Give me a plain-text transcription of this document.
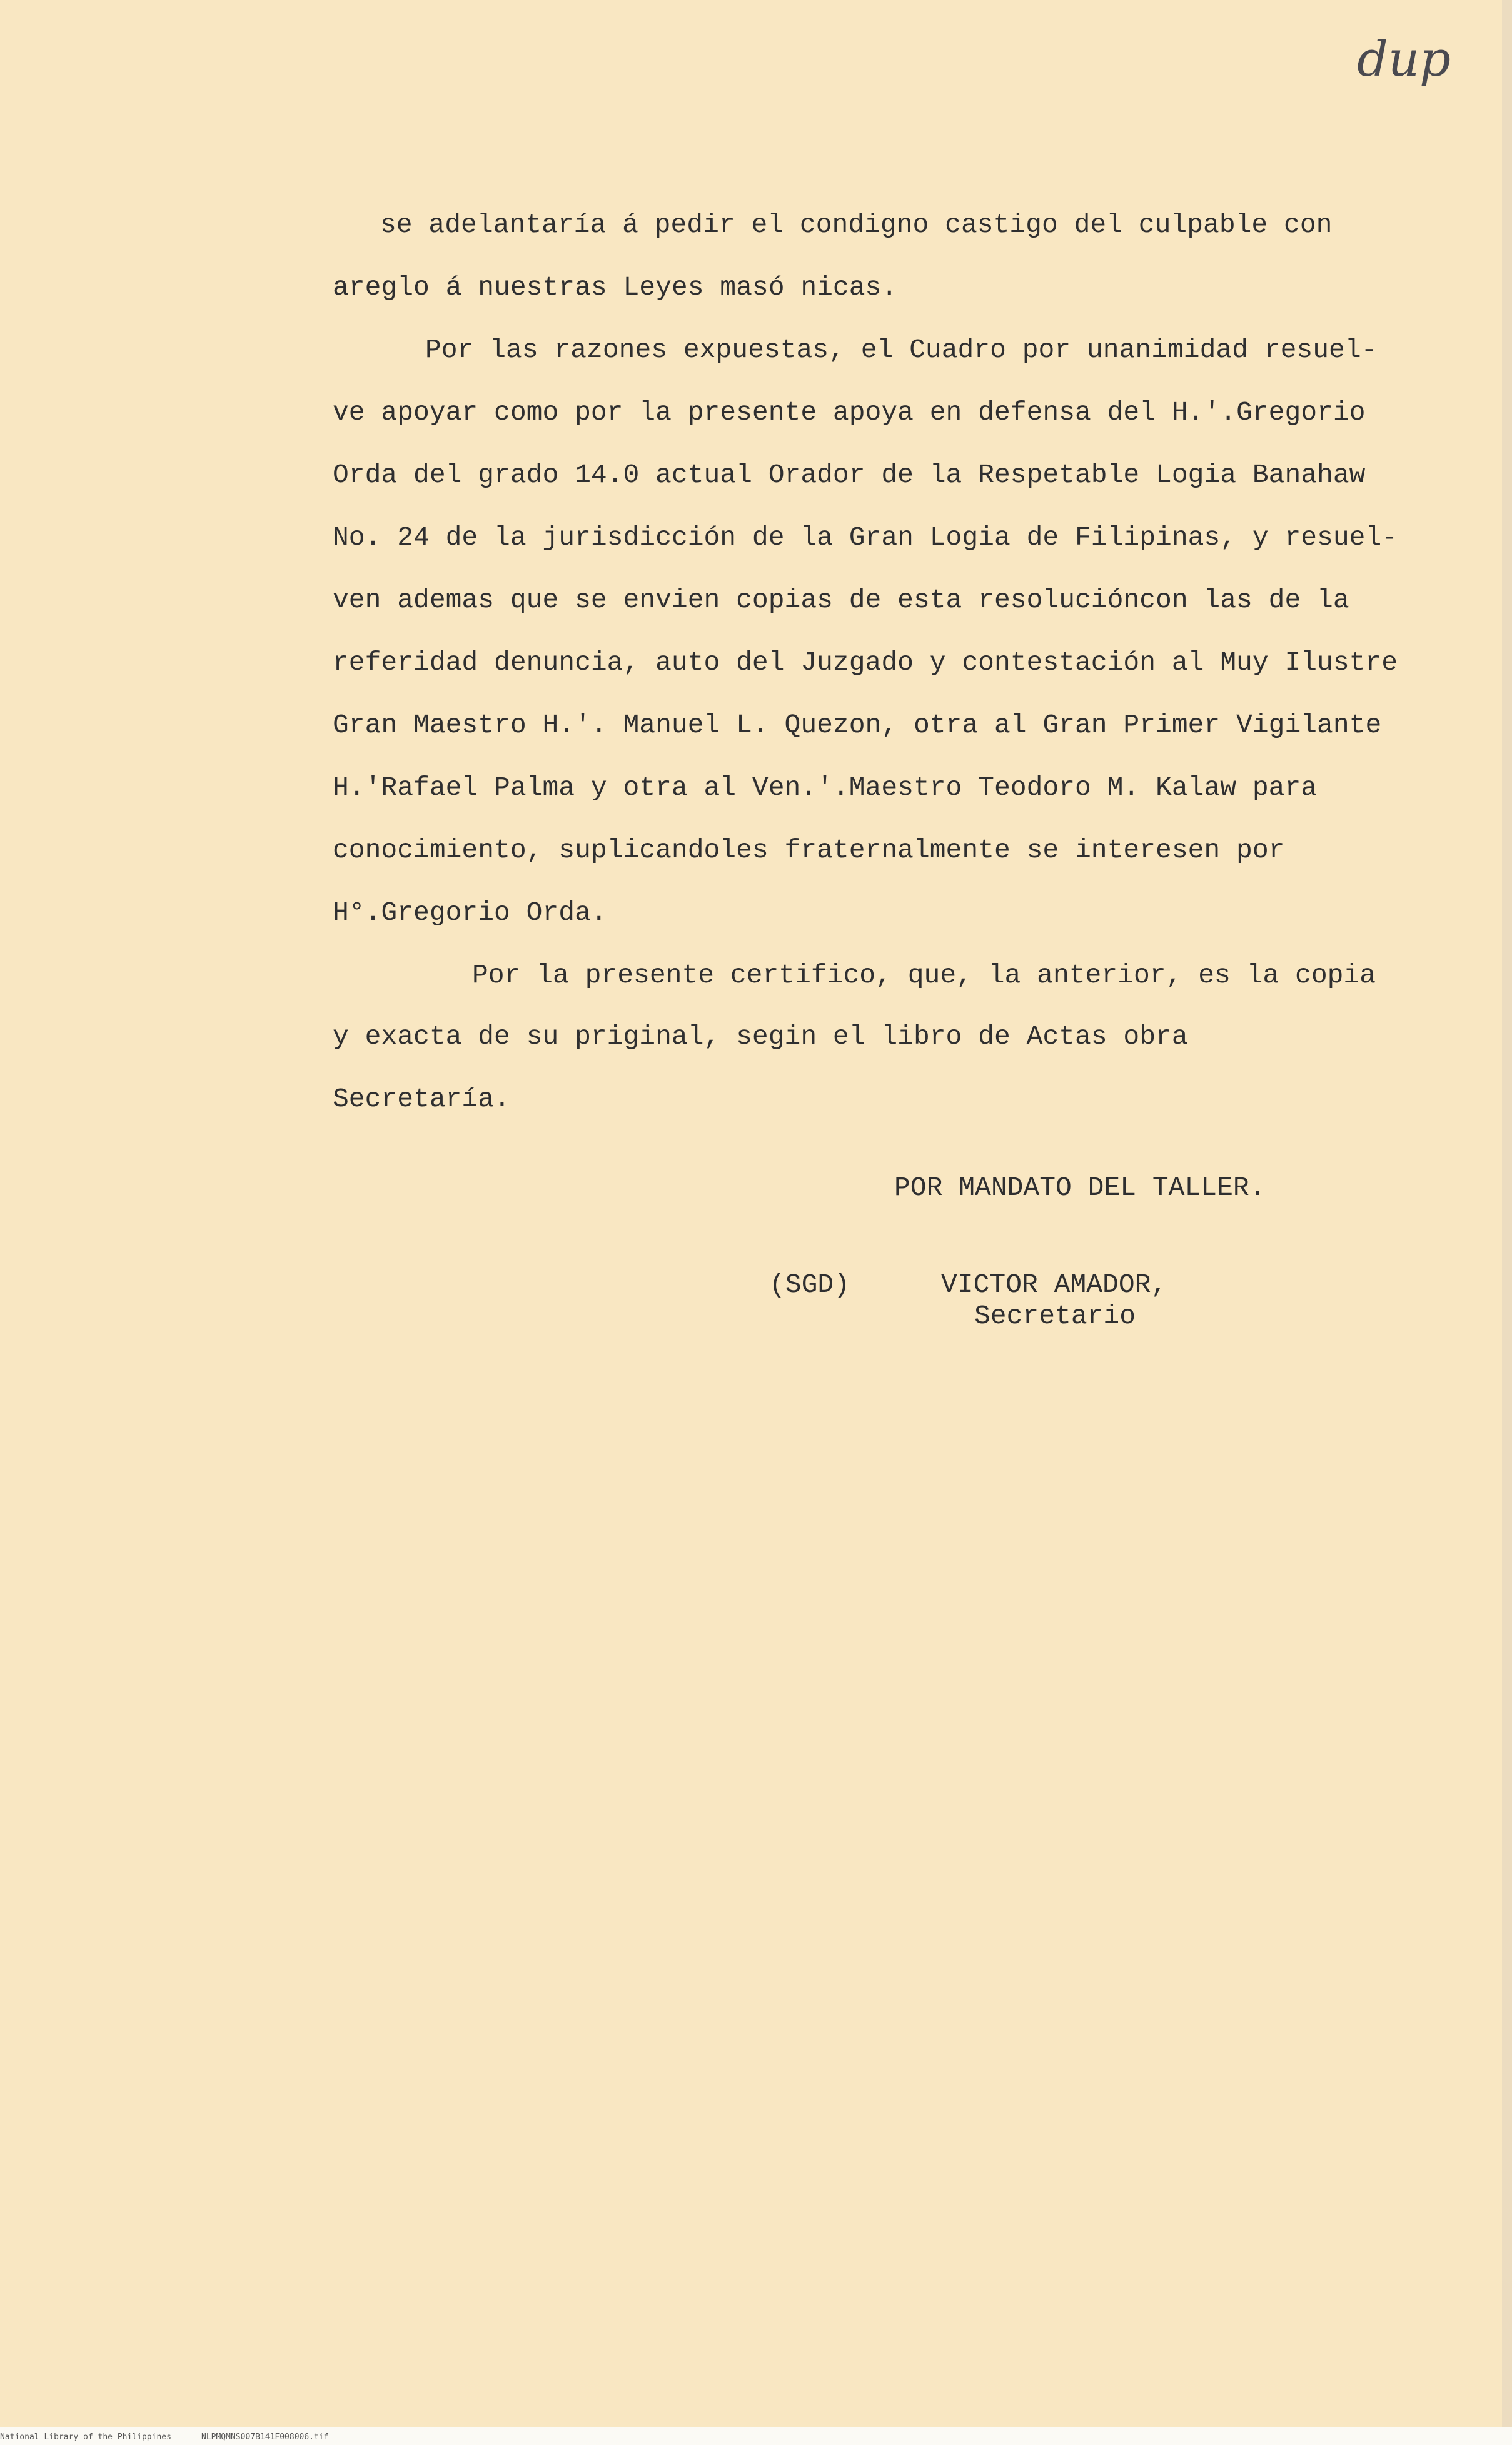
dup
se adelantaría á pedir el condigno castigo del culpable con
areglo á nuestras Leyes masó nicas.
Por las razones expuestas, el Cuadro por unanimidad resuel-
ve apoyar como por la presente apoya en defensa del H.'.Gregorio
Orda del grado 14.0 actual Orador de la Respetable Logia Banahaw
No. 24 de la jurisdicción de la Gran Logia de Filipinas, y resuel-
ven ademas que se envien copias de esta resolucióncon las de la
referidad denuncia, auto del Juzgado y contestación al Muy Ilustre
Gran Maestro H.'. Manuel L. Quezon, otra al Gran Primer Vigilante
H.'Rafael Palma y otra al Ven.'.Maestro Teodoro M. Kalaw para
conocimiento, suplicandoles fraternalmente se interesen por
H°.Gregorio Orda.
Por la presente certifico, que, la anterior, es la copia
y exacta de su priginal, segin el libro de Actas obra
Secretaría.
POR MANDATO DEL TALLER.
(SGD)	VICTOR AMADOR,
Secretario
National Library of the Philippines	NLPMQMNS007B141F008006.tif
